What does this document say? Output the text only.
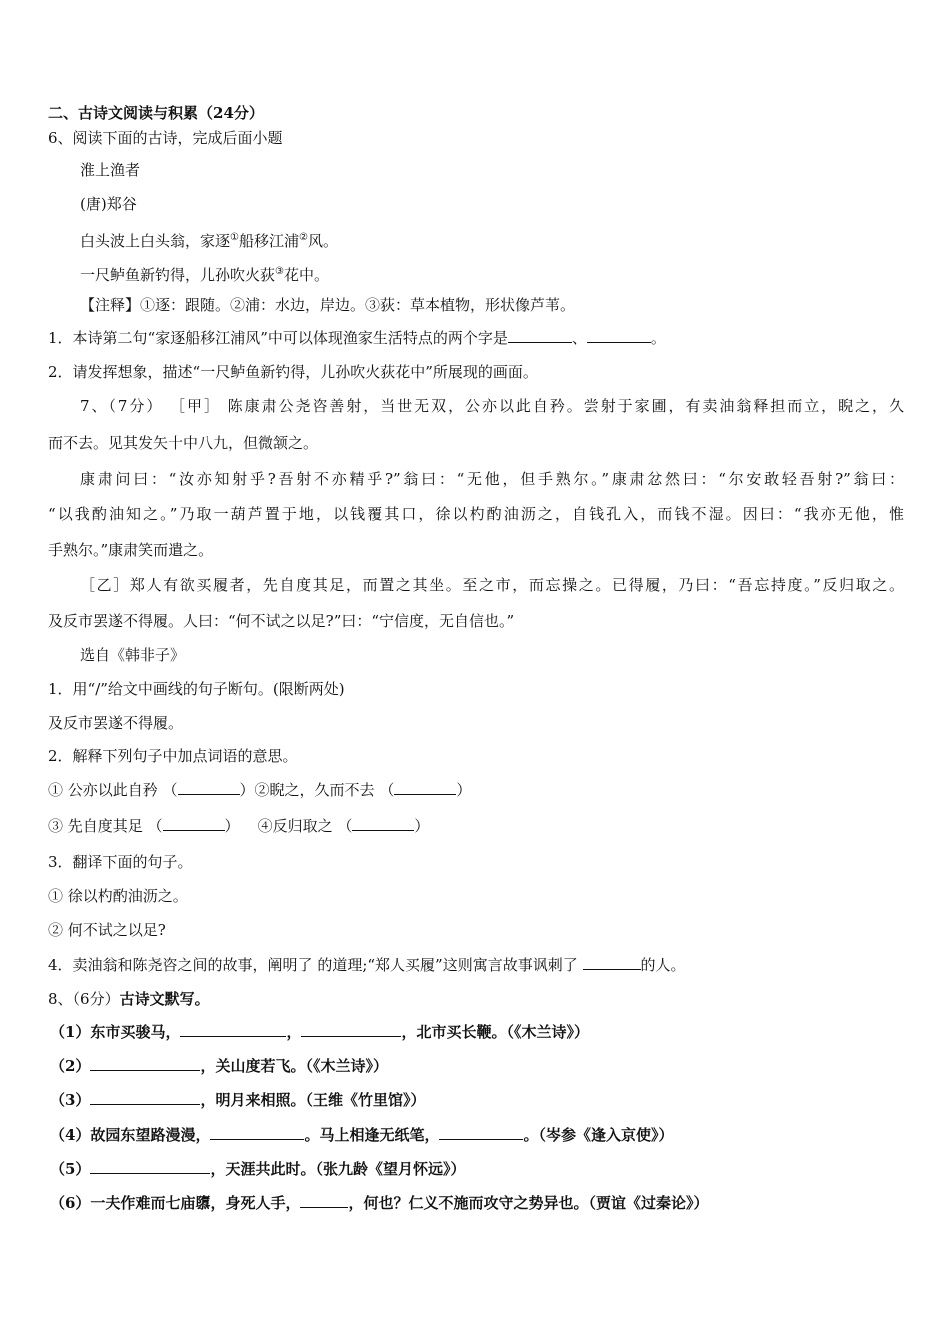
二、古诗文阅读与积累（24分）
6、阅读下面的古诗，完成后面小题
淮上渔者
(唐)郑谷
白头波上白头翁，家逐①船移江浦②风。
一尺鲈鱼新钓得，儿孙吹火荻③花中。
【注释】①逐：跟随。②浦：水边，岸边。③荻：草本植物，形状像芦苇。
1．本诗第二句“家逐船移江浦风”中可以体现渔家生活特点的两个字是	、	。
2．请发挥想象，描述“一尺鲈鱼新钓得，儿孙吹火荻花中”所展现的画面。
7、（7分） ［甲］ 陈康肃公尧咨善射，当世无双，公亦以此自矜。尝射于家圃，有卖油翁释担而立，睨之，久
而不去。见其发矢十中八九，但微颔之。
康肃问曰：“汝亦知射乎?吾射不亦精乎?”翁曰：“无他，但手熟尔。”康肃忿然曰：“尔安敢轻吾射?”翁曰：
“以我酌油知之。”乃取一葫芦置于地，以钱覆其口，徐以杓酌油沥之，自钱孔入，而钱不湿。因曰：“我亦无他，惟
手熟尔。”康肃笑而遣之。
［乙］郑人有欲买履者，先自度其足，而置之其坐。至之市，而忘操之。已得履，乃曰：“吾忘持度。”反归取之。
及反市罢遂不得履。人曰：“何不试之以足?”曰：“宁信度，无自信也。”
选自《韩非子》
1．用“/”给文中画线的句子断句。(限断两处)
及反市罢遂不得履。
2．解释下列句子中加点词语的意思。
① 公亦以此自矜 （	）②睨之，久而不去 （	）
③ 先自度其足 （	） ④反归取之 （	）
3．翻译下面的句子。
① 徐以杓酌油沥之。
② 何不试之以足?
4．卖油翁和陈尧咨之间的故事，阐明了 的道理;“郑人买履”这则寓言故事讽刺了	的人。
8、（6分）古诗文默写。
（1）东市买骏马，	，	，北市买长鞭。（《木兰诗》）
（2）	，关山度若飞。（《木兰诗》）
（3）	，明月来相照。（王维《竹里馆》）
（4）故园东望路漫漫，	。马上相逢无纸笔，	。（岑参《逢入京使》）
（5）	，天涯共此时。（张九龄《望月怀远》）
（6）一夫作难而七庙隳，身死人手，	，何也？仁义不施而攻守之势异也。（贾谊《过秦论》）
